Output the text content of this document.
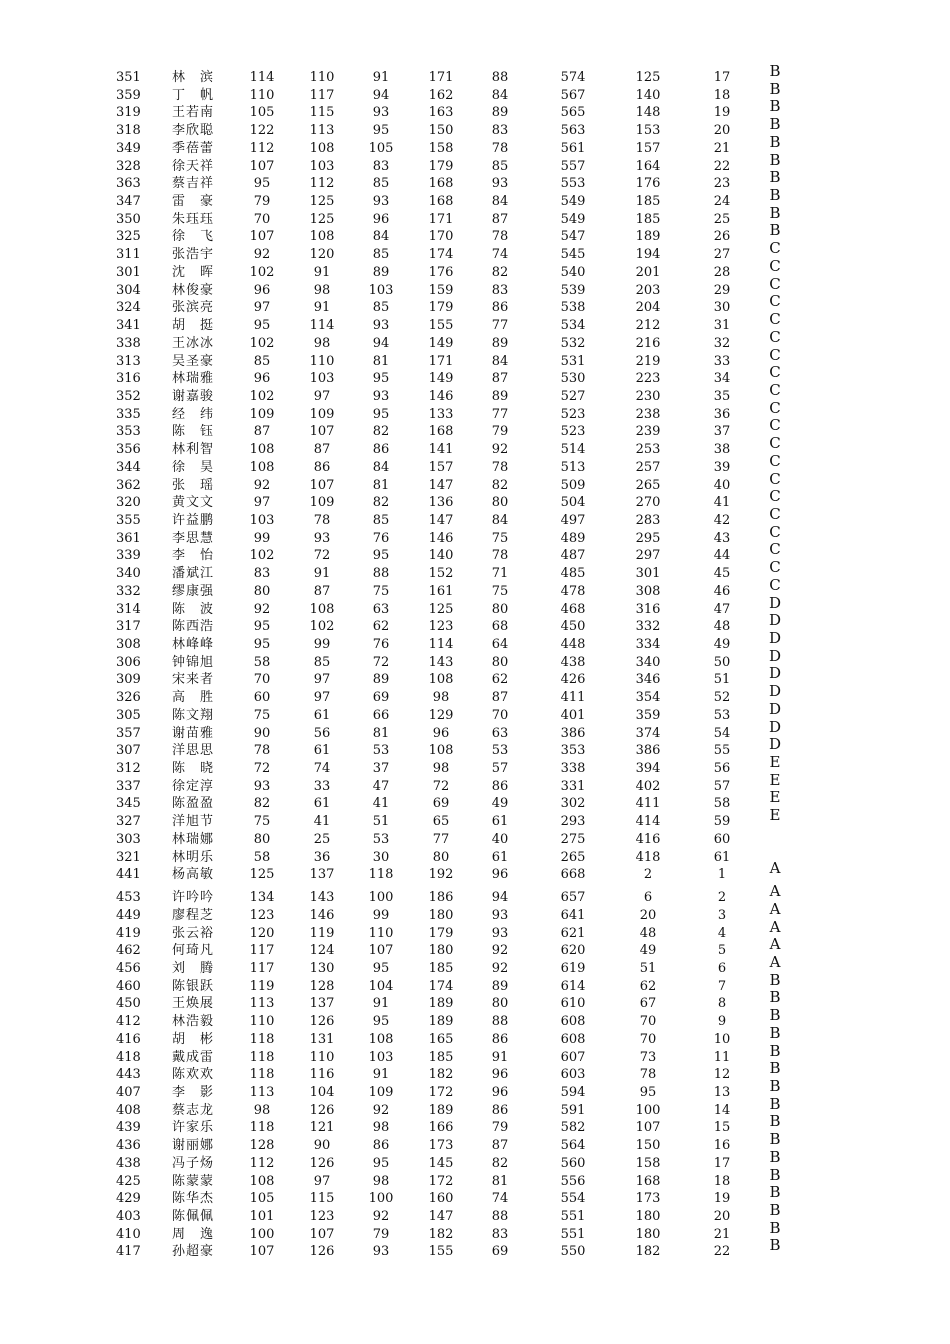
351	林　滨	114	110	91	171	88	574	125	17	B
359	丁　帆	110	117	94	162	84	567	140	18	B
319	王若南	105	115	93	163	89	565	148	19	B
318	李欣聪	122	113	95	150	83	563	153	20	B
349	季蓓蕾	112	108	105	158	78	561	157	21	B
328	徐天祥	107	103	83	179	85	557	164	22	B
363	蔡吉祥	95	112	85	168	93	553	176	23	B
347	雷　豪	79	125	93	168	84	549	185	24	B
350	朱珏珏	70	125	96	171	87	549	185	25	B
325	徐　飞	107	108	84	170	78	547	189	26	B
311	张浩宇	92	120	85	174	74	545	194	27	C
301	沈　晖	102	91	89	176	82	540	201	28	C
304	林俊豪	96	98	103	159	83	539	203	29	C
324	张滨亮	97	91	85	179	86	538	204	30	C
341	胡　挺	95	114	93	155	77	534	212	31	C
338	王冰冰	102	98	94	149	89	532	216	32	C
313	吴圣豪	85	110	81	171	84	531	219	33	C
316	林瑞雅	96	103	95	149	87	530	223	34	C
352	谢嘉骏	102	97	93	146	89	527	230	35	C
335	经　纬	109	109	95	133	77	523	238	36	C
353	陈　钰	87	107	82	168	79	523	239	37	C
356	林利智	108	87	86	141	92	514	253	38	C
344	徐　昊	108	86	84	157	78	513	257	39	C
362	张　瑶	92	107	81	147	82	509	265	40	C
320	黄文文	97	109	82	136	80	504	270	41	C
355	许益鹏	103	78	85	147	84	497	283	42	C
361	李思慧	99	93	76	146	75	489	295	43	C
339	李　怡	102	72	95	140	78	487	297	44	C
340	潘斌江	83	91	88	152	71	485	301	45	C
332	缪康强	80	87	75	161	75	478	308	46	C
314	陈　波	92	108	63	125	80	468	316	47	D
317	陈西浩	95	102	62	123	68	450	332	48	D
308	林峰峰	95	99	76	114	64	448	334	49	D
306	钟锦旭	58	85	72	143	80	438	340	50	D
309	宋来者	70	97	89	108	62	426	346	51	D
326	高　胜	60	97	69	98	87	411	354	52	D
305	陈文翔	75	61	66	129	70	401	359	53	D
357	谢苗雅	90	56	81	96	63	386	374	54	D
307	洋思思	78	61	53	108	53	353	386	55	D
312	陈　晓	72	74	37	98	57	338	394	56	E
337	徐定淳	93	33	47	72	86	331	402	57	E
345	陈盈盈	82	61	41	69	49	302	411	58	E
327	洋旭节	75	41	51	65	61	293	414	59	E
303	林瑞娜	80	25	53	77	40	275	416	60
321	林明乐	58	36	30	80	61	265	418	61
441	杨高敏	125	137	118	192	96	668	2	1	A
453	许吟吟	134	143	100	186	94	657	6	2	A
449	廖程芝	123	146	99	180	93	641	20	3	A
419	张云裕	120	119	110	179	93	621	48	4	A
462	何琦凡	117	124	107	180	92	620	49	5	A
456	刘　腾	117	130	95	185	92	619	51	6	A
460	陈银跃	119	128	104	174	89	614	62	7	B
450	王焕展	113	137	91	189	80	610	67	8	B
412	林浩毅	110	126	95	189	88	608	70	9	B
416	胡　彬	118	131	108	165	86	608	70	10	B
418	戴成雷	118	110	103	185	91	607	73	11	B
443	陈欢欢	118	116	91	182	96	603	78	12	B
407	李　影	113	104	109	172	96	594	95	13	B
408	蔡志龙	98	126	92	189	86	591	100	14	B
439	许家乐	118	121	98	166	79	582	107	15	B
436	谢丽娜	128	90	86	173	87	564	150	16	B
438	冯子炀	112	126	95	145	82	560	158	17	B
425	陈蒙蒙	108	97	98	172	81	556	168	18	B
429	陈华杰	105	115	100	160	74	554	173	19	B
403	陈佩佩	101	123	92	147	88	551	180	20	B
410	周　逸	100	107	79	182	83	551	180	21	B
417	孙超豪	107	126	93	155	69	550	182	22	B
